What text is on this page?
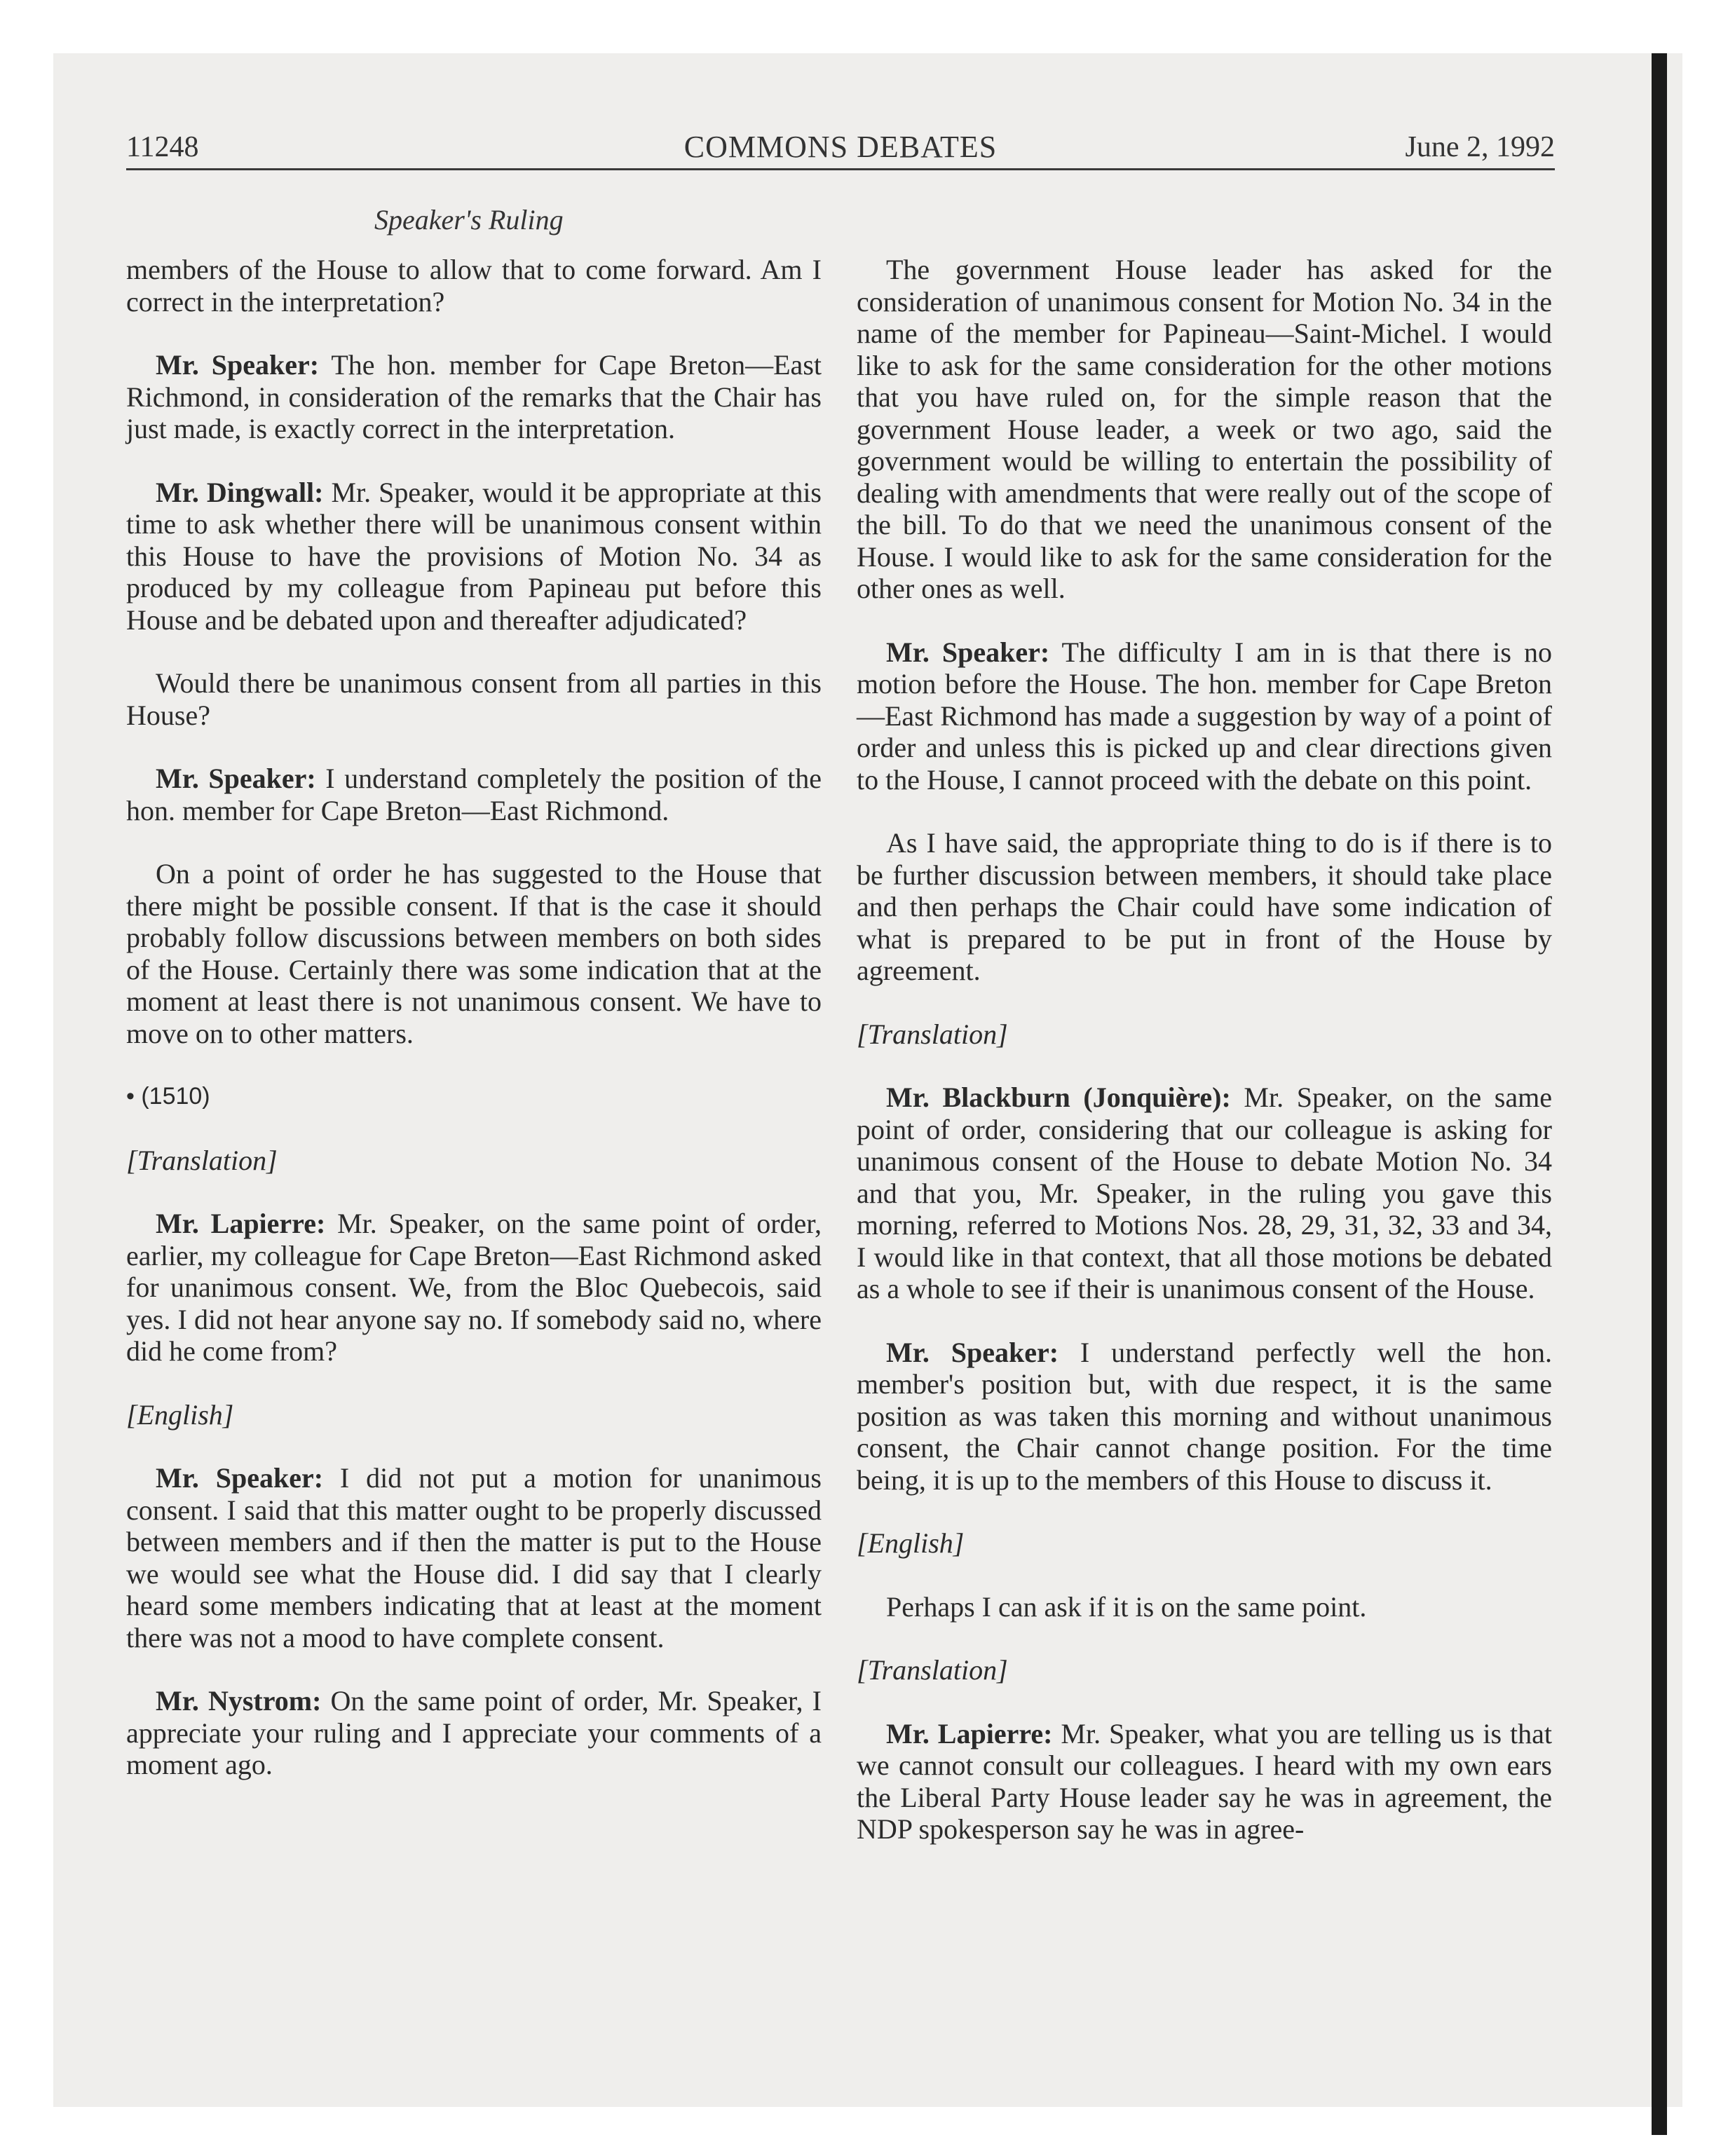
11248	COMMONS DEBATES	June 2, 1992
Speaker's Ruling

members of the House to allow that to come forward. Am I correct in the interpretation?

Mr. Speaker: The hon. member for Cape Breton—East Richmond, in consideration of the remarks that the Chair has just made, is exactly correct in the interpretation.

Mr. Dingwall: Mr. Speaker, would it be appropriate at this time to ask whether there will be unanimous consent within this House to have the provisions of Motion No. 34 as produced by my colleague from Papineau put before this House and be debated upon and thereafter adjudicated?

Would there be unanimous consent from all parties in this House?

Mr. Speaker: I understand completely the position of the hon. member for Cape Breton—East Richmond.

On a point of order he has suggested to the House that there might be possible consent. If that is the case it should probably follow discussions between members on both sides of the House. Certainly there was some indication that at the moment at least there is not unanimous consent. We have to move on to other matters.

• (1510)

[Translation]

Mr. Lapierre: Mr. Speaker, on the same point of order, earlier, my colleague for Cape Breton—East Richmond asked for unanimous consent. We, from the Bloc Quebecois, said yes. I did not hear anyone say no. If somebody said no, where did he come from?

[English]

Mr. Speaker: I did not put a motion for unanimous consent. I said that this matter ought to be properly discussed between members and if then the matter is put to the House we would see what the House did. I did say that I clearly heard some members indicating that at least at the moment there was not a mood to have complete consent.

Mr. Nystrom: On the same point of order, Mr. Speaker, I appreciate your ruling and I appreciate your comments of a moment ago.

The government House leader has asked for the consideration of unanimous consent for Motion No. 34 in the name of the member for Papineau—Saint-Michel. I would like to ask for the same consideration for the other motions that you have ruled on, for the simple reason that the government House leader, a week or two ago, said the government would be willing to entertain the possibility of dealing with amendments that were really out of the scope of the bill. To do that we need the unanimous consent of the House. I would like to ask for the same consideration for the other ones as well.

Mr. Speaker: The difficulty I am in is that there is no motion before the House. The hon. member for Cape Breton—East Richmond has made a suggestion by way of a point of order and unless this is picked up and clear directions given to the House, I cannot proceed with the debate on this point.

As I have said, the appropriate thing to do is if there is to be further discussion between members, it should take place and then perhaps the Chair could have some indication of what is prepared to be put in front of the House by agreement.

[Translation]

Mr. Blackburn (Jonquière): Mr. Speaker, on the same point of order, considering that our colleague is asking for unanimous consent of the House to debate Motion No. 34 and that you, Mr. Speaker, in the ruling you gave this morning, referred to Motions Nos. 28, 29, 31, 32, 33 and 34, I would like in that context, that all those motions be debated as a whole to see if their is unanimous consent of the House.

Mr. Speaker: I understand perfectly well the hon. member's position but, with due respect, it is the same position as was taken this morning and without unanimous consent, the Chair cannot change position. For the time being, it is up to the members of this House to discuss it.

[English]

Perhaps I can ask if it is on the same point.

[Translation]

Mr. Lapierre: Mr. Speaker, what you are telling us is that we cannot consult our colleagues. I heard with my own ears the Liberal Party House leader say he was in agreement, the NDP spokesperson say he was in agree-
